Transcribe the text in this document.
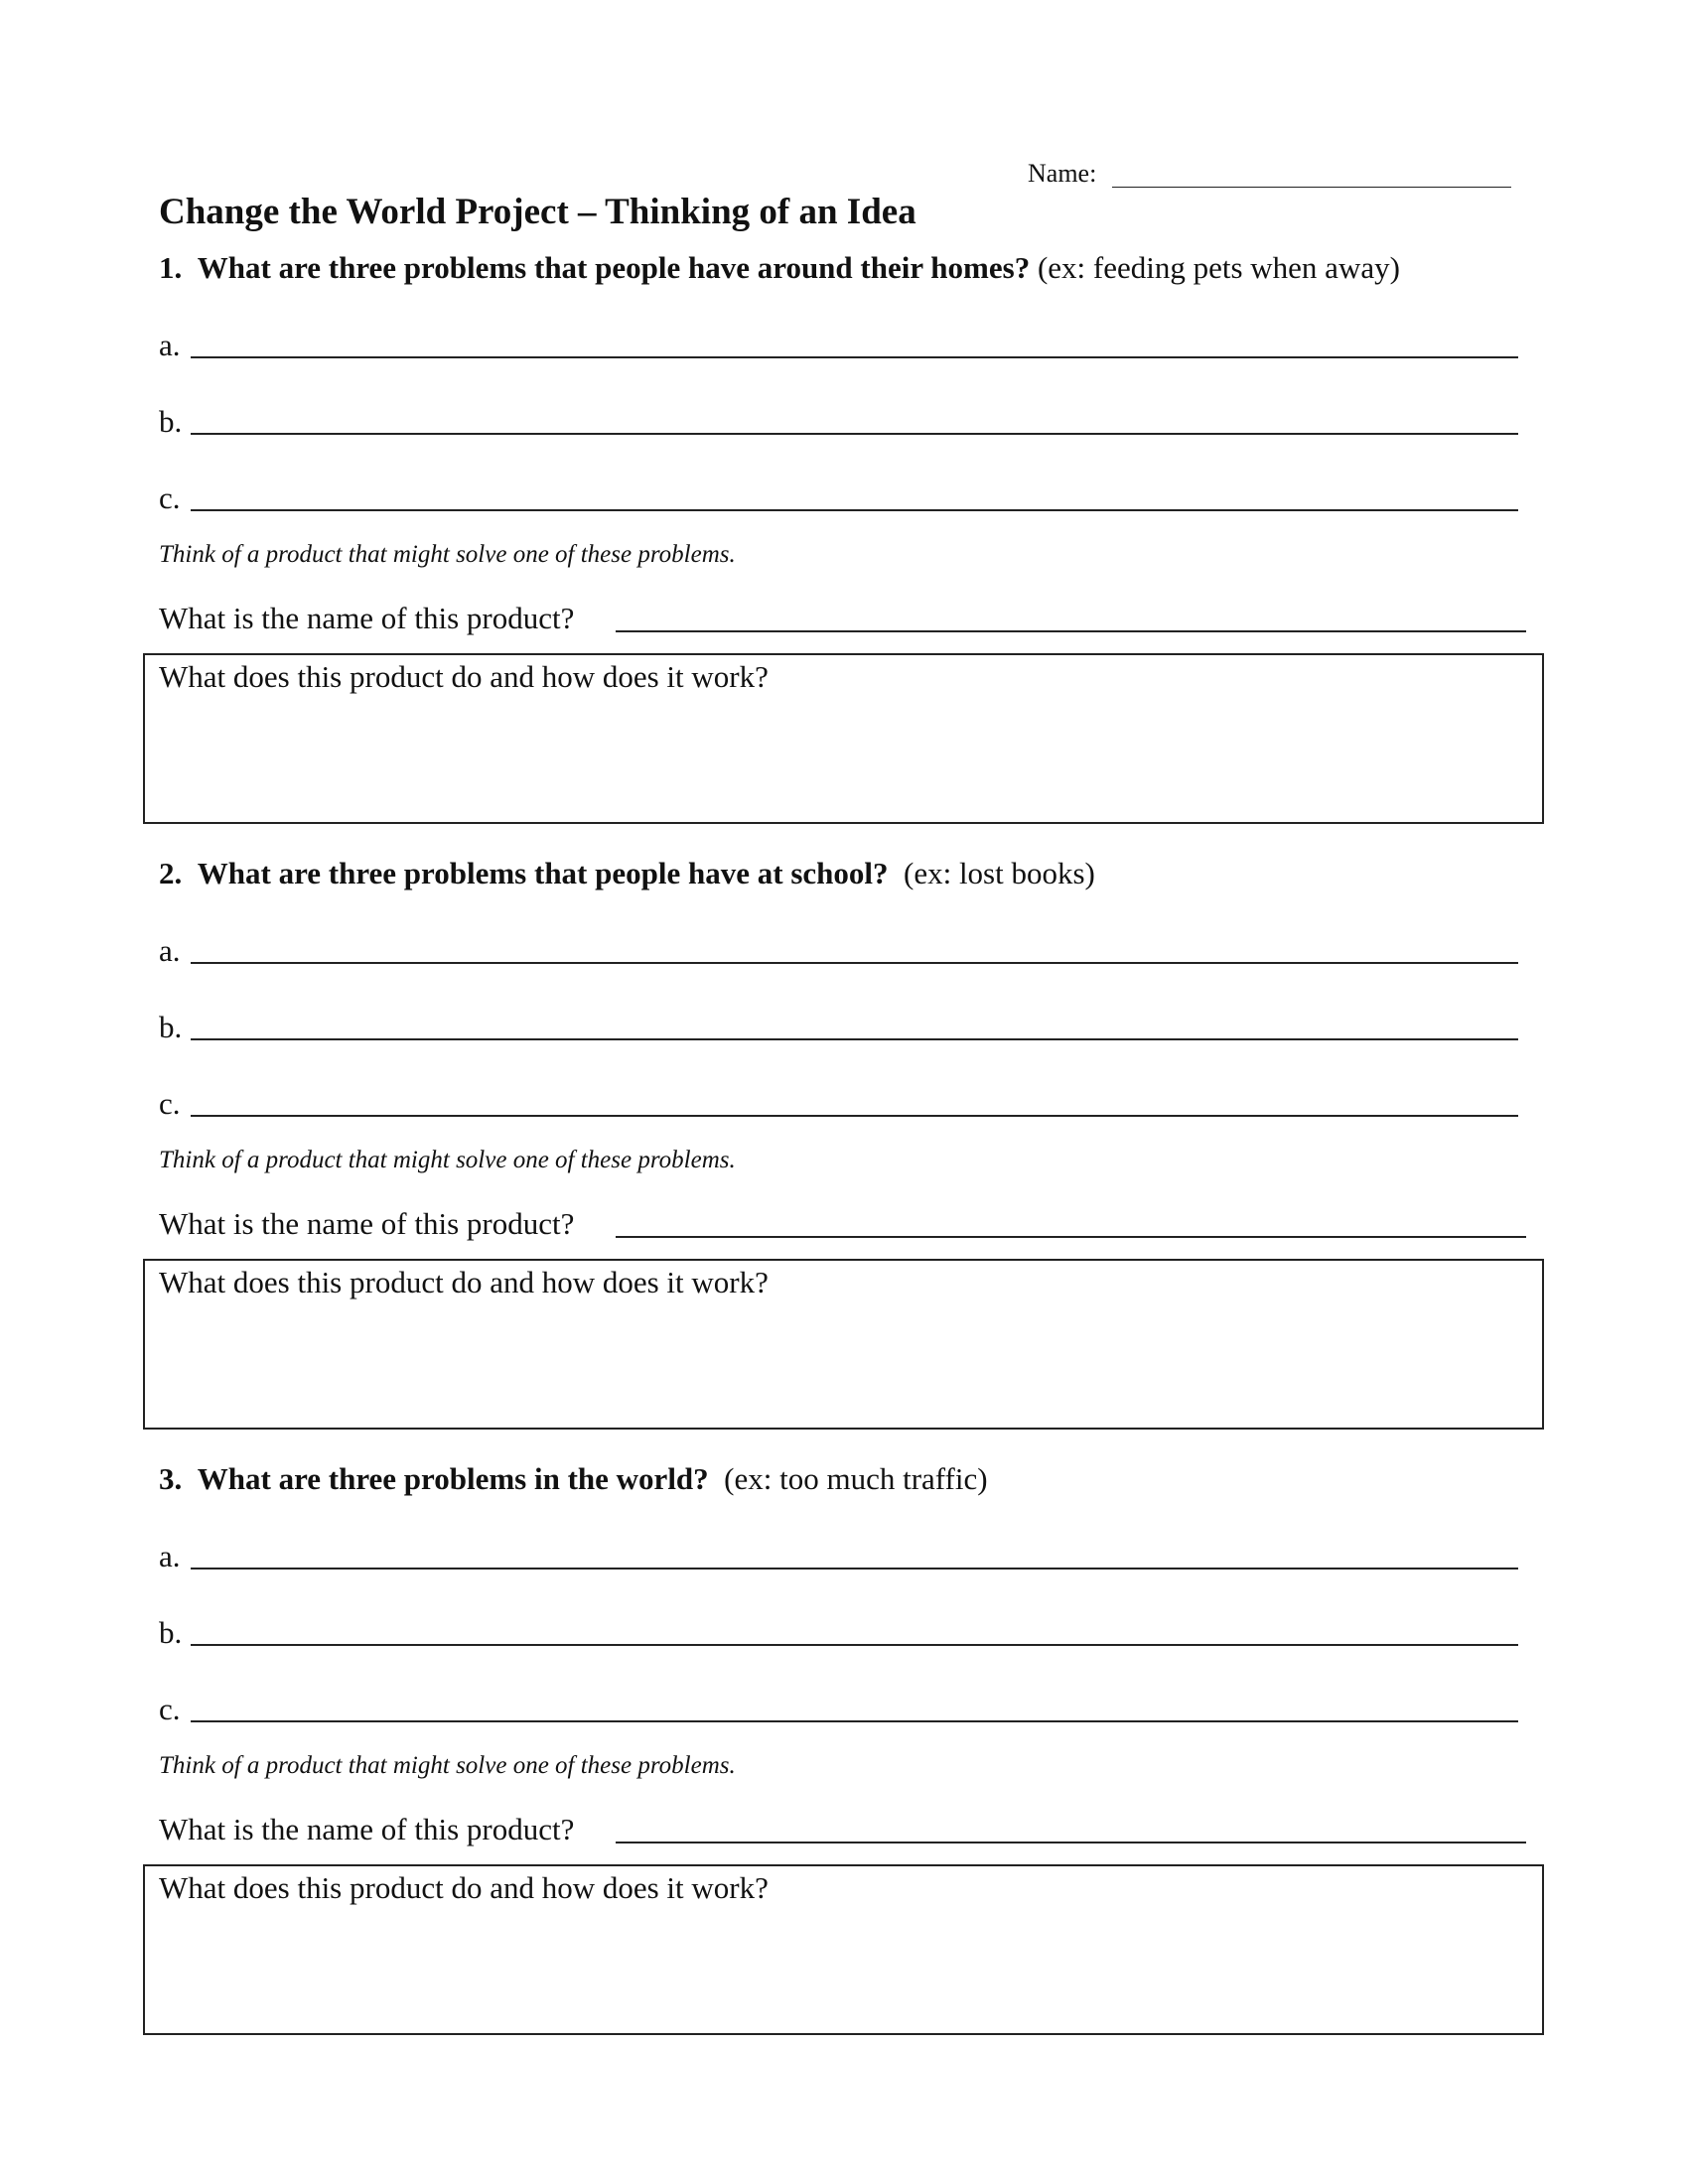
Name:
Change the World Project – Thinking of an Idea
1. What are three problems that people have around their homes? (ex: feeding pets when away)
a.
b.
c.
Think of a product that might solve one of these problems.
What is the name of this product?
What does this product do and how does it work?
2. What are three problems that people have at school? (ex: lost books)
a.
b.
c.
Think of a product that might solve one of these problems.
What is the name of this product?
What does this product do and how does it work?
3. What are three problems in the world? (ex: too much traffic)
a.
b.
c.
Think of a product that might solve one of these problems.
What is the name of this product?
What does this product do and how does it work?
